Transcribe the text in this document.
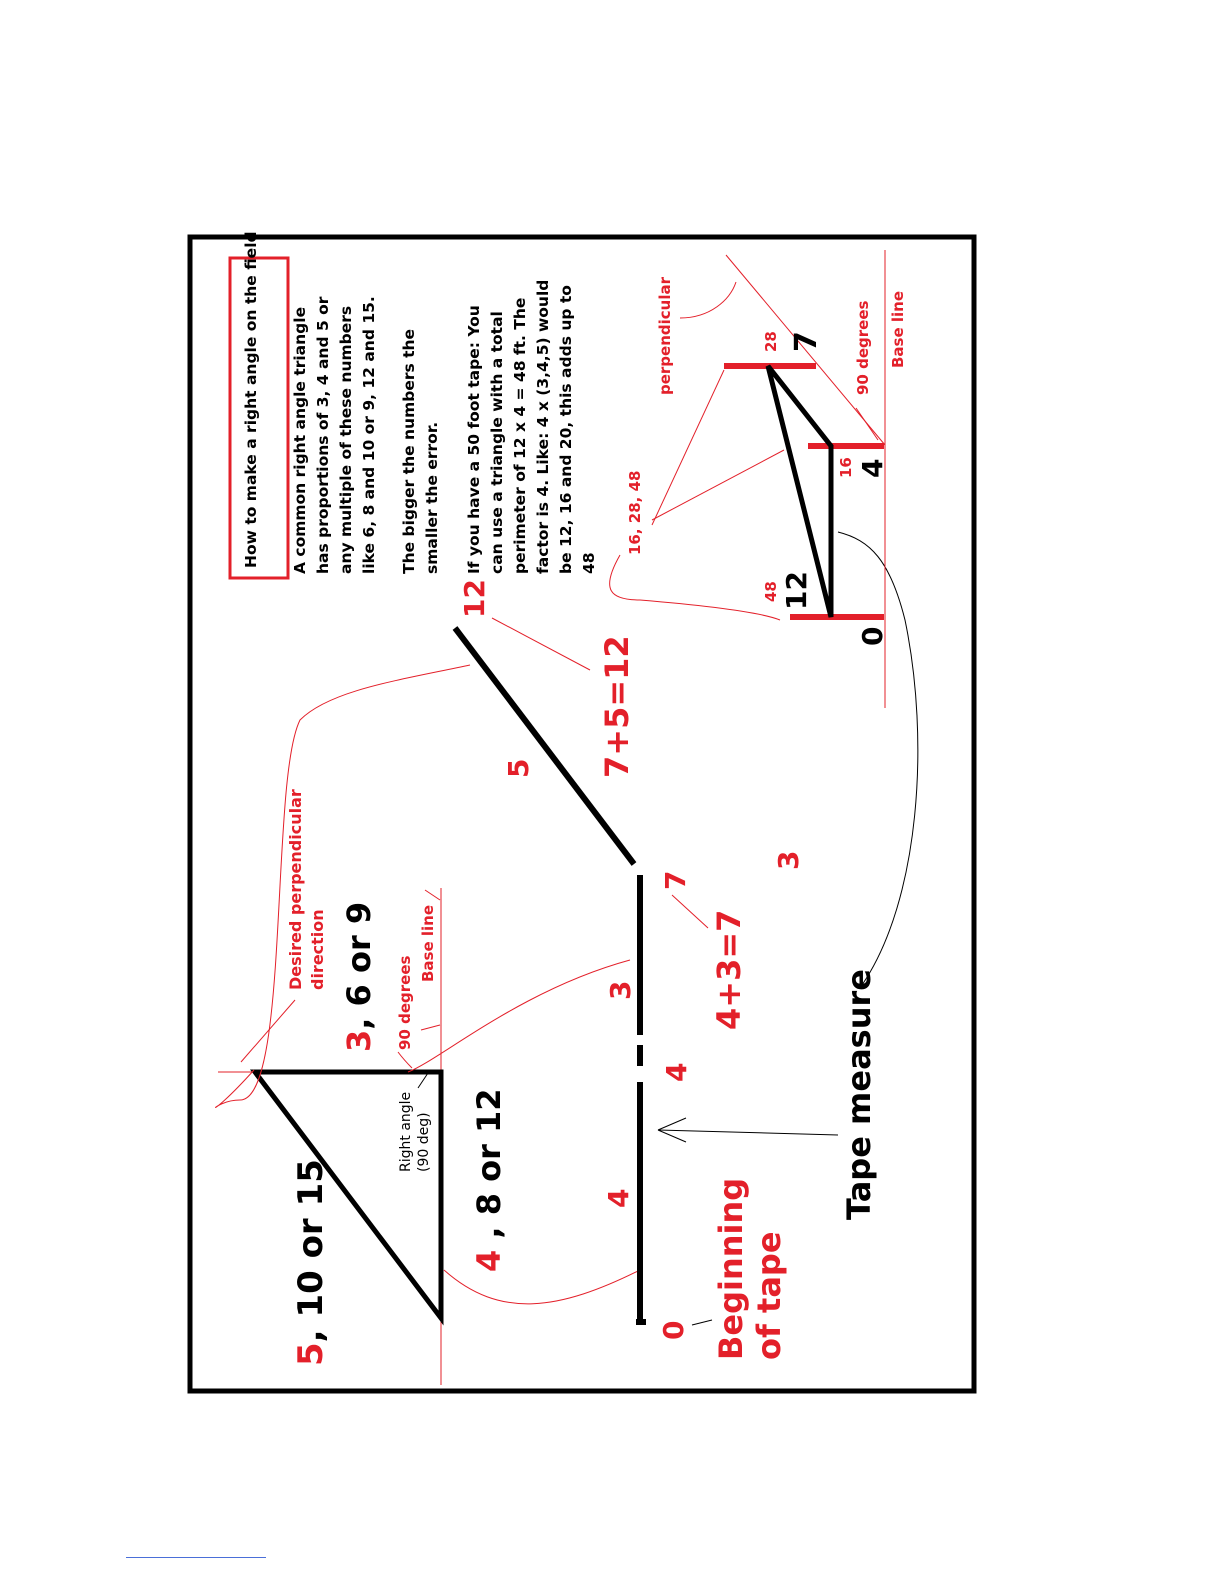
How to make a right angle on the field A common right angle triangle has proportions of 3, 4 and 5 or any multiple of these numbers like 6, 8 and 10 or 9, 12 and 15. The bigger the numbers the smaller the error. If you have a 50 foot tape: You can use a triangle with a total perimeter of 12 x 4 = 48 ft. The factor is 4. Like: 4 x (3,4,5) would be 12, 16 and 20, this adds up to 48
5, 10 or 15
3, 6 or 9
4 , 8 or 12
Right angle (90 deg)
Desired perpendicular direction
90 degrees
Base line
0 Beginning of tape
4
4
3
7
4+3=7
3
5 7+5=12
12
Tape measure
perpendicular
16, 28, 48
90 degrees Base line
48 12
16 4
28 7
0
